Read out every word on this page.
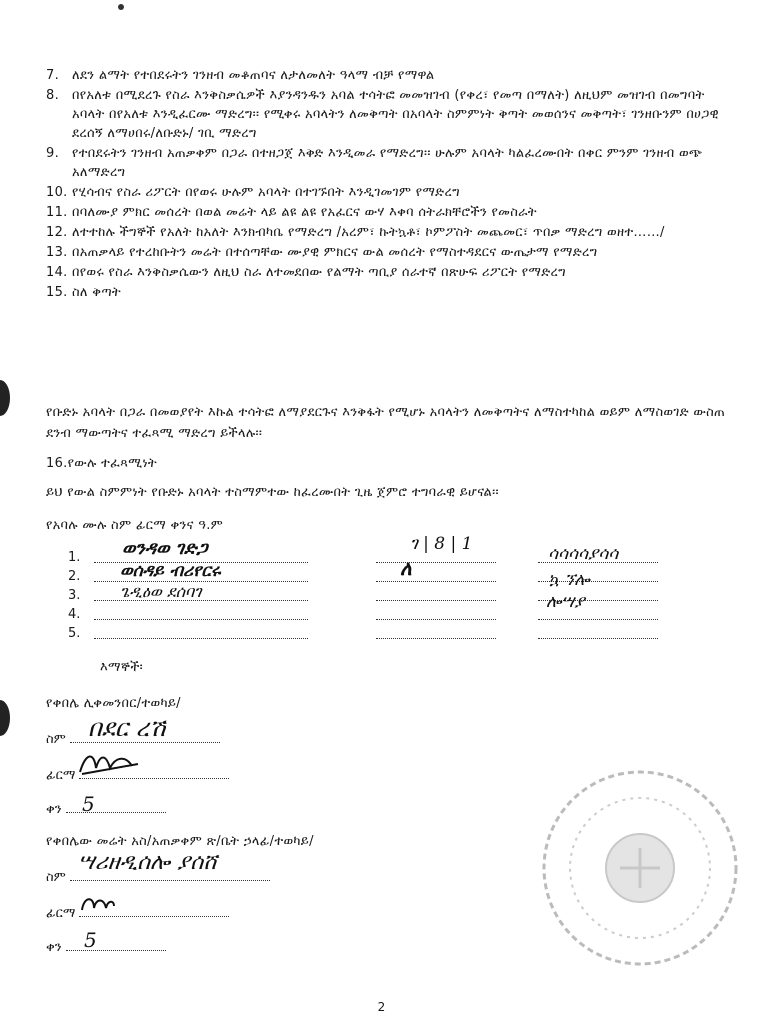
7. ለደን ልማት የተበደሩትን ገንዘብ መቆጠባና ለታለመለት ዓላማ ብቻ የማዋል
8. በየአለቱ በሚደረጉ የስራ እንቅስቃሴዎች እያንዳንዱን አባል ተሳትፎ መመዝገብ (የቀረ፣ የመጣ በማለት) ለዚህም መዝገብ በመግባት አባላት በየአለቱ እንዲፈርሙ ማድረግ፡፡ የሚቀሩ አባላትን ለመቅጣት በአባላት ስምምነት ቅጣት መወሰንና መቅጣት፣ ገንዘቡንም በሀጋዊ ደረሰኝ ለማሀበሩ/ለቡድኑ/ ገቢ ማድረግ
9. የተበደሩትን ገንዘብ አጠቃቀም በጋራ በተዘጋጀ እቅድ እንዲመራ የማድረግ፡፡ ሁሉም አባላት ካልፈረሙበት በቀር ምንም ገንዘብ ወጭ አለማድረግ
10. የሂሳብና የስራ ሪፖርት በየወሩ ሁሉም አባላት በተገኙበት እንዲገመገም የማድረግ
11. በባለሙያ ምክር መሰረት በወል መሬት ላይ ልዩ ልዩ የአፈርና ውሃ እቀባ ሰትራክቸሮችን የመስራት
12. ለተተከሉ ችግኞች የአለት ከአለት እንክብካቤ የማድረግ /አረም፣ ኩትኳቶ፣ ኮምፖስት መጨመር፣ ጥበቃ ማድረግ ወዘተ……/
13. በአጠቃላይ የተረከቡትን መሬት በተሰጣቸው ሙያዊ ምክርና ውል መሰረት የማስተዳደርና ውጤታማ የማድረግ
14. በየወሩ የስራ እንቅስቃሴውን ለዚህ ስራ ለተመደበው የልማት ጣቢያ ሰራተኛ በጽሁፍ ሪፖርት የማድረግ
15. ስለ ቅጣት

የቡድኑ አባላት በጋራ በመወያየት እኩል ተሳትፎ ለማያደርጉና እንቅፋት የሚሆኑ አባላትን ለመቅጣትና ለማስተካከል ወይም ለማስወገድ ውስጠ ደንብ ማውጣትና ተፈጻሚ ማድረግ ይችላሉ፡፡

16.የውሉ ተፈጻሚነት

ይህ የውል ስምምነት የቡድኑ አባላት ተስማምተው ከፈረሙበት ጊዜ ጀምሮ ተግባራዊ ይሆናል፡፡

የአባሉ ሙሉ ስም ፊርማ ቀንና ዓ.ም

1.
2.
3.
4.
5.
ወንዳወ ገድጋ
ወሰዳይ ብሪየርሩ
ጌዲዕወ ደሰባገ
ገ | 8 | 1
ለ
ሳሳሳሳያሳሳ
ኳ ኘሎ
ሎሣያ

እማኞች፡

የቀበሌ ሊቀመንበር/ተወካይ/

ስም

ፊርማ

ቀን

በደር ረሽ
5

የቀበሌው መሬት አስ/አጠቃቀም ጽ/ቤት ኃላፊ/ተወካይ/

ስም

ፊርማ

ቀን

ሣሪዘዲሰሎ ያሰሸ
5

2
